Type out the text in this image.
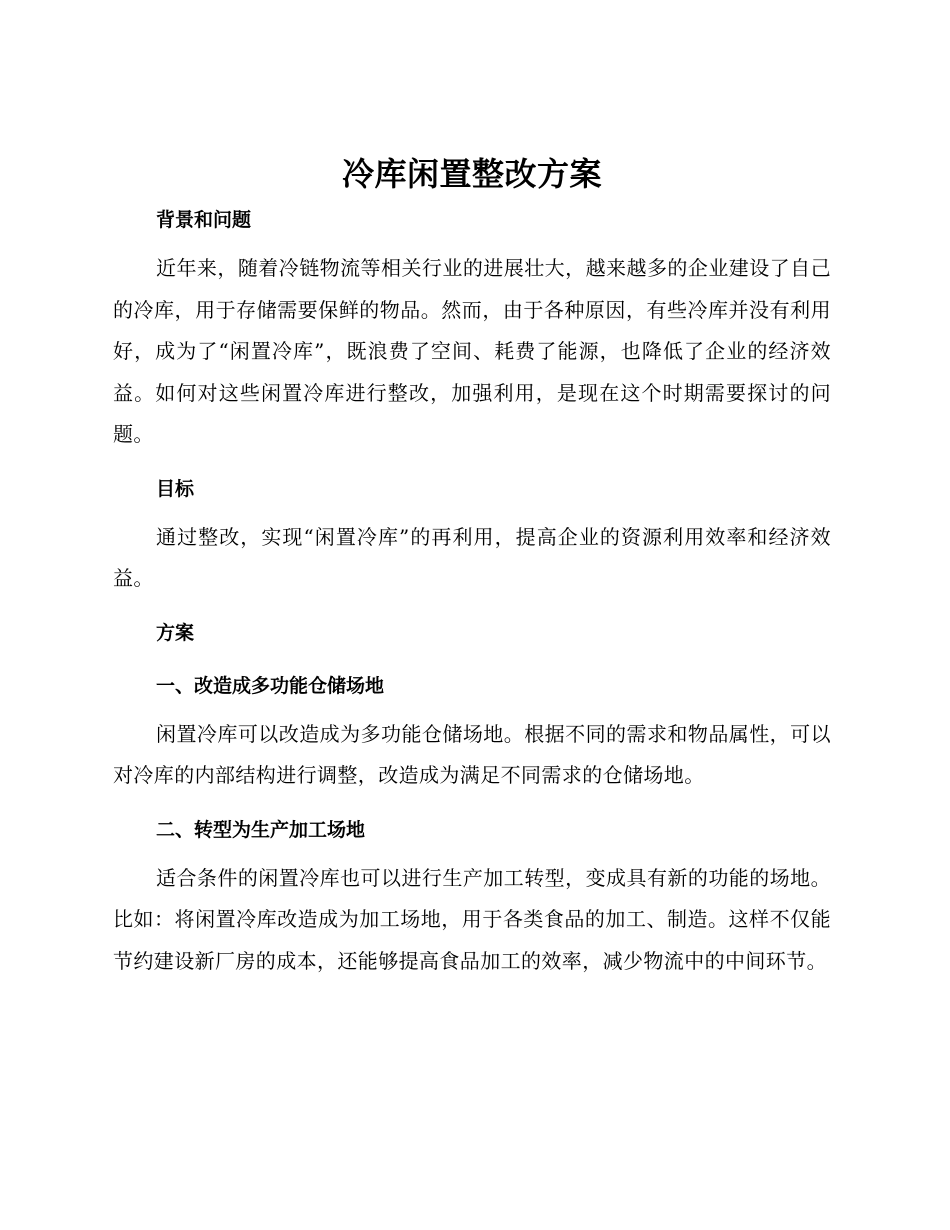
冷库闲置整改方案
背景和问题

近年来，随着冷链物流等相关行业的进展壮大，越来越多的企业建设了自己的冷库，用于存储需要保鲜的物品。然而，由于各种原因，有些冷库并没有利用好，成为了“闲置冷库”，既浪费了空间、耗费了能源，也降低了企业的经济效益。如何对这些闲置冷库进行整改，加强利用，是现在这个时期需要探讨的问题。

目标

通过整改，实现“闲置冷库”的再利用，提高企业的资源利用效率和经济效益。

方案
一、改造成多功能仓储场地

闲置冷库可以改造成为多功能仓储场地。根据不同的需求和物品属性，可以对冷库的内部结构进行调整，改造成为满足不同需求的仓储场地。

二、转型为生产加工场地

适合条件的闲置冷库也可以进行生产加工转型，变成具有新的功能的场地。比如：将闲置冷库改造成为加工场地，用于各类食品的加工、制造。这样不仅能节约建设新厂房的成本，还能够提高食品加工的效率，减少物流中的中间环节。
